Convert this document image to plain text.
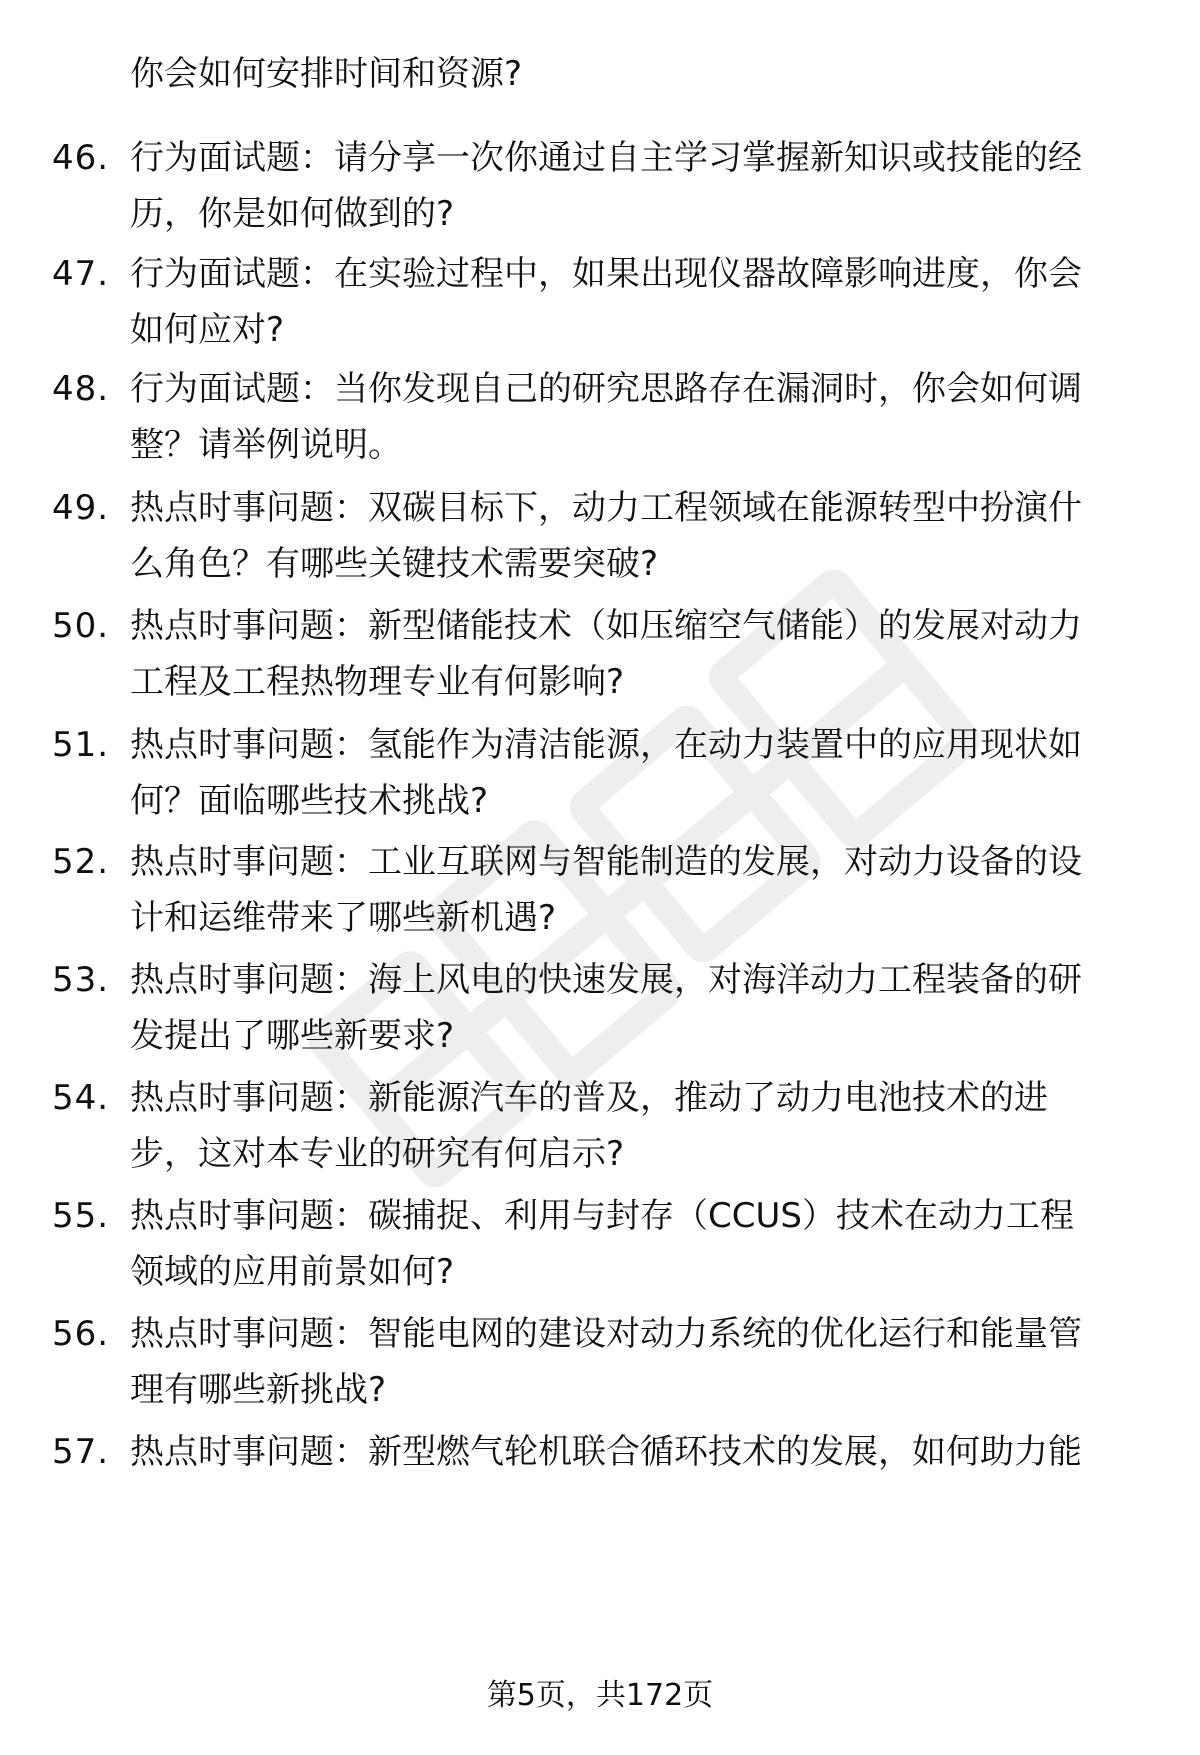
你会如何安排时间和资源?
46. 行为面试题：请分享一次你通过自主学习掌握新知识或技能的经
历，你是如何做到的?
47. 行为面试题：在实验过程中，如果出现仪器故障影响进度，你会
如何应对?
48. 行为面试题：当你发现自己的研究思路存在漏洞时，你会如何调
整？请举例说明。
49. 热点时事问题：双碳目标下，动力工程领域在能源转型中扮演什
么角色？有哪些关键技术需要突破?
50. 热点时事问题：新型储能技术（如压缩空气储能）的发展对动力
工程及工程热物理专业有何影响?
51. 热点时事问题：氢能作为清洁能源，在动力装置中的应用现状如
何？面临哪些技术挑战?
52. 热点时事问题：工业互联网与智能制造的发展，对动力设备的设
计和运维带来了哪些新机遇?
53. 热点时事问题：海上风电的快速发展，对海洋动力工程装备的研
发提出了哪些新要求?
54. 热点时事问题：新能源汽车的普及，推动了动力电池技术的进
步，这对本专业的研究有何启示?
55. 热点时事问题：碳捕捉、利用与封存（CCUS）技术在动力工程
领域的应用前景如何?
56. 热点时事问题：智能电网的建设对动力系统的优化运行和能量管
理有哪些新挑战?
57. 热点时事问题：新型燃气轮机联合循环技术的发展，如何助力能
第5页，共172页
